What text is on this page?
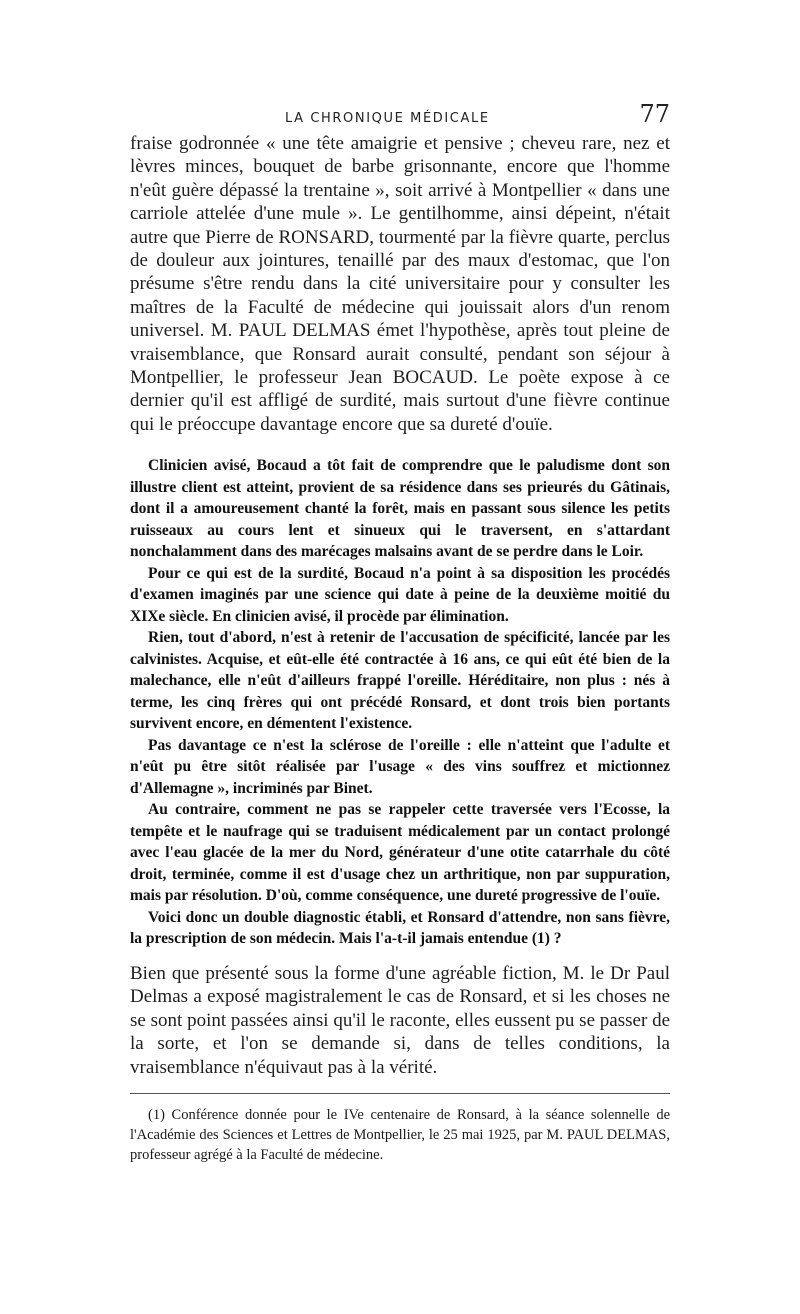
LA CHRONIQUE MÉDICALE	77

fraise godronnée « une tête amaigrie et pensive ; cheveu rare, nez et lèvres minces, bouquet de barbe grisonnante, encore que l'homme n'eût guère dépassé la trentaine », soit arrivé à Montpellier « dans une carriole attelée d'une mule ». Le gentilhomme, ainsi dépeint, n'était autre que Pierre de RONSARD, tourmenté par la fièvre quarte, perclus de douleur aux jointures, tenaillé par des maux d'estomac, que l'on présume s'être rendu dans la cité universitaire pour y consulter les maîtres de la Faculté de médecine qui jouissait alors d'un renom universel. M. PAUL DELMAS émet l'hypothèse, après tout pleine de vraisemblance, que Ronsard aurait consulté, pendant son séjour à Montpellier, le professeur Jean BOCAUD. Le poète expose à ce dernier qu'il est affligé de surdité, mais surtout d'une fièvre continue qui le préoccupe davantage encore que sa dureté d'ouïe.

Clinicien avisé, Bocaud a tôt fait de comprendre que le paludisme dont son illustre client est atteint, provient de sa résidence dans ses prieurés du Gâtinais, dont il a amoureusement chanté la forêt, mais en passant sous silence les petits ruisseaux au cours lent et sinueux qui le traversent, en s'attardant nonchalamment dans des marécages malsains avant de se perdre dans le Loir.

Pour ce qui est de la surdité, Bocaud n'a point à sa disposition les procédés d'examen imaginés par une science qui date à peine de la deuxième moitié du XIXe siècle. En clinicien avisé, il procède par élimination.

Rien, tout d'abord, n'est à retenir de l'accusation de spécificité, lancée par les calvinistes. Acquise, et eût-elle été contractée à 16 ans, ce qui eût été bien de la malechance, elle n'eût d'ailleurs frappé l'oreille. Héréditaire, non plus : nés à terme, les cinq frères qui ont précédé Ronsard, et dont trois bien portants survivent encore, en démentent l'existence.

Pas davantage ce n'est la sclérose de l'oreille : elle n'atteint que l'adulte et n'eût pu être sitôt réalisée par l'usage « des vins souffrez et mictionnez d'Allemagne », incriminés par Binet.

Au contraire, comment ne pas se rappeler cette traversée vers l'Ecosse, la tempête et le naufrage qui se traduisent médicalement par un contact prolongé avec l'eau glacée de la mer du Nord, générateur d'une otite catarrhale du côté droit, terminée, comme il est d'usage chez un arthritique, non par suppuration, mais par résolution. D'où, comme conséquence, une dureté progressive de l'ouïe.

Voici donc un double diagnostic établi, et Ronsard d'attendre, non sans fièvre, la prescription de son médecin. Mais l'a-t-il jamais entendue (1) ?

Bien que présenté sous la forme d'une agréable fiction, M. le Dr Paul Delmas a exposé magistralement le cas de Ronsard, et si les choses ne se sont point passées ainsi qu'il le raconte, elles eussent pu se passer de la sorte, et l'on se demande si, dans de telles conditions, la vraisemblance n'équivaut pas à la vérité.

(1) Conférence donnée pour le IVe centenaire de Ronsard, à la séance solennelle de l'Académie des Sciences et Lettres de Montpellier, le 25 mai 1925, par M. PAUL DELMAS, professeur agrégé à la Faculté de médecine.
